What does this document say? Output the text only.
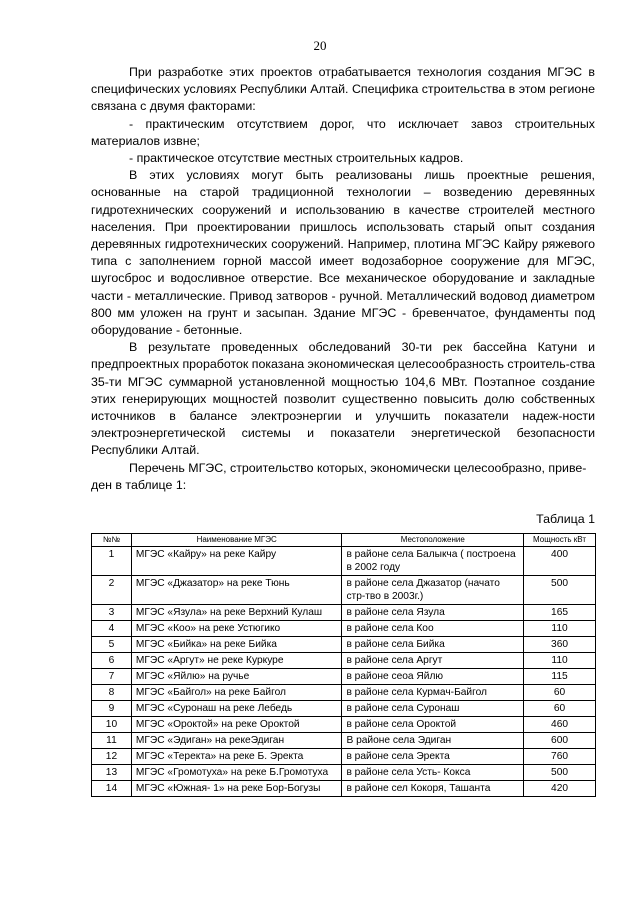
20

При разработке этих проектов отрабатывается технология создания МГЭС в специфических условиях Республики Алтай. Специфика строительства в этом регионе связана с двумя факторами:

- практическим отсутствием дорог, что исключает завоз строительных материалов извне;

- практическое отсутствие местных строительных кадров.

В этих условиях могут быть реализованы лишь проектные решения, основанные на старой традиционной технологии – возведению деревянных гидротехнических сооружений и использованию в качестве строителей местного населения. При проектировании пришлось использовать старый опыт создания деревянных гидротехнических сооружений. Например, плотина МГЭС Кайру ряжевого типа с заполнением горной массой имеет водозаборное сооружение для МГЭС, шугосброс и водосливное отверстие. Все механическое оборудование и закладные части - металлические. Привод затворов - ручной. Металлический водовод диаметром 800 мм уложен на грунт и засыпан. Здание МГЭС - бревенчатое, фундаменты под оборудование - бетонные.

В результате проведенных обследований 30-ти рек бассейна Катуни и предпроектных проработок показана экономическая целесообразность строитель-ства 35-ти МГЭС суммарной установленной мощностью 104,6 МВт. Поэтапное создание этих генерирующих мощностей позволит существенно повысить долю собственных источников в балансе электроэнергии и улучшить показатели надеж-ности электроэнергетической системы и показатели энергетической безопасности Республики Алтай.

Перечень МГЭС, строительство которых, экономически целесообразно, приве-ден в таблице 1:

Таблица 1
№№	Наименование МГЭС	Местоположение	Мощность кВт
1	МГЭС «Кайру» на реке Кайру	в районе села Балыкча ( построена в 2002 году	400
2	МГЭС «Джазатор» на реке Тюнь	в районе села Джазатор (начато стр-тво в 2003г.)	500
3	МГЭС «Язула» на реке Верхний Кулаш	в районе села Язула	165
4	МГЭС «Коо» на реке Устюгико	в районе села Коо	110
5	МГЭС «Бийка» на реке Бийка	в районе села Бийка	360
6	МГЭС «Аргут» не реке Куркуре	в районе села Аргут	110
7	МГЭС «Яйлю» на ручье	в районе сеоа Яйлю	115
8	МГЭС «Байгол» на реке Байгол	в районе села Курмач-Байгол	60
9	МГЭС «Суронаш на реке Лебедь	в районе села Суронаш	60
10	МГЭС «Ороктой» на реке Ороктой	в районе села Ороктой	460
11	МГЭС «Эдиган» на рекеЭдиган	В районе села Эдиган	600
12	МГЭС «Теректа» на реке Б. Эректа	в районе села Эректа	760
13	МГЭС «Громотуха» на реке Б.Громотуха	в районе села Усть- Кокса	500
14	МГЭС «Южная- 1» на реке Бор-Богузы	в районе сел Кокоря, Ташанта	420
